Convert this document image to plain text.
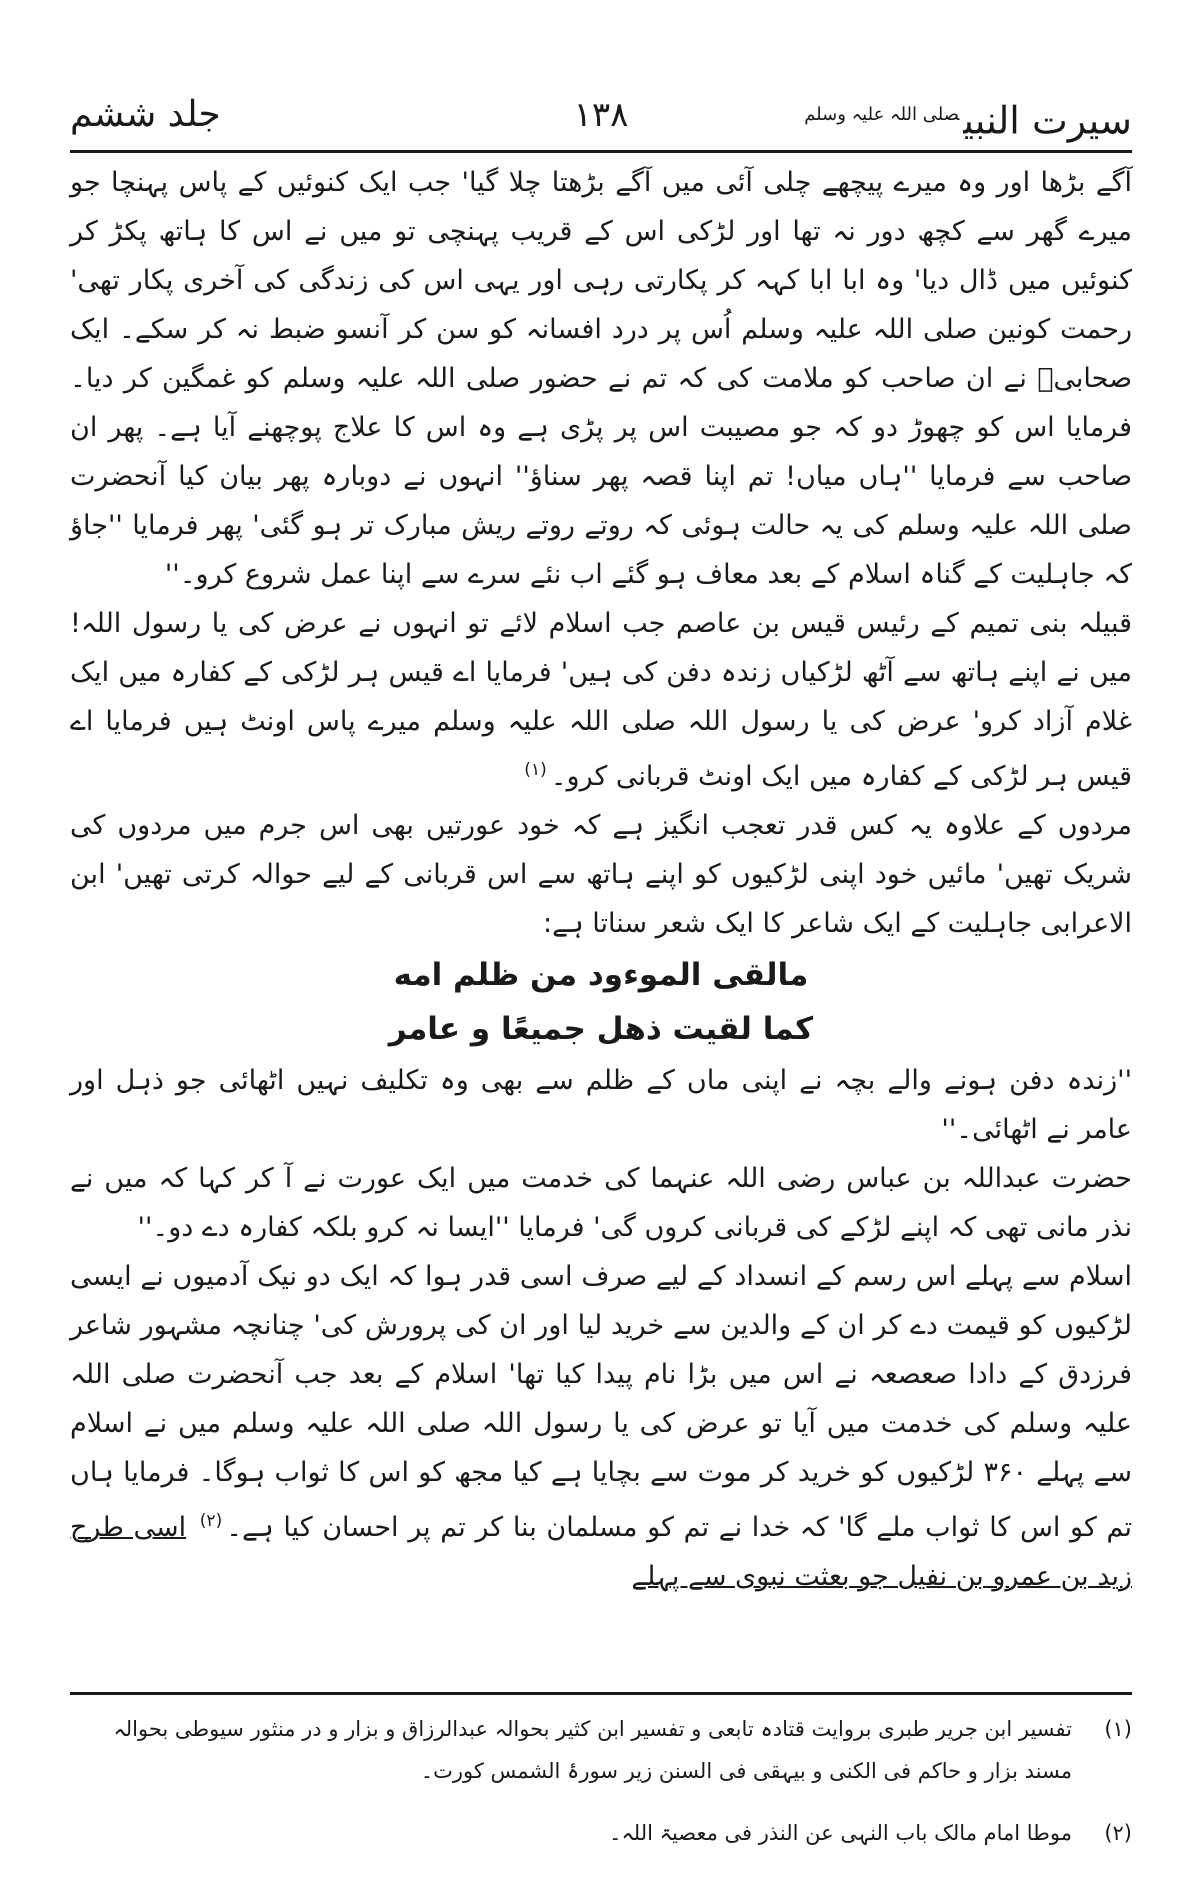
سیرت النبی$^{صلی اللہ علیہ وسلم}$
۱۳۸
جلد ششم

آگے بڑھا اور وہ میرے پیچھے چلی آئی میں آگے بڑھتا چلا گیا' جب ایک کنوئیں کے پاس پہنچا جو میرے گھر سے کچھ دور نہ تھا اور لڑکی اس کے قریب پہنچی تو میں نے اس کا ہاتھ پکڑ کر کنوئیں میں ڈال دیا' وہ ابا ابا کہہ کر پکارتی رہی اور یہی اس کی زندگی کی آخری پکار تھی' رحمت کونین صلی اللہ علیہ وسلم اُس پر درد افسانہ کو سن کر آنسو ضبط نہ کر سکے۔ ایک صحابیؓ نے ان صاحب کو ملامت کی کہ تم نے حضور صلی اللہ علیہ وسلم کو غمگین کر دیا۔ فرمایا اس کو چھوڑ دو کہ جو مصیبت اس پر پڑی ہے وہ اس کا علاج پوچھنے آیا ہے۔ پھر ان صاحب سے فرمایا ''ہاں میاں! تم اپنا قصہ پھر سناؤ'' انہوں نے دوبارہ پھر بیان کیا آنحضرت صلی اللہ علیہ وسلم کی یہ حالت ہوئی کہ روتے روتے ریش مبارک تر ہو گئی' پھر فرمایا ''جاؤ کہ جاہلیت کے گناہ اسلام کے بعد معاف ہو گئے اب نئے سرے سے اپنا عمل شروع کرو۔''

قبیلہ بنی تمیم کے رئیس قیس بن عاصم جب اسلام لائے تو انہوں نے عرض کی یا رسول اللہ! میں نے اپنے ہاتھ سے آٹھ لڑکیاں زندہ دفن کی ہیں' فرمایا اے قیس ہر لڑکی کے کفارہ میں ایک غلام آزاد کرو' عرض کی یا رسول اللہ صلی اللہ علیہ وسلم میرے پاس اونٹ ہیں فرمایا اے قیس ہر لڑکی کے کفارہ میں ایک اونٹ قربانی کرو۔$^{(۱)}$

مردوں کے علاوہ یہ کس قدر تعجب انگیز ہے کہ خود عورتیں بھی اس جرم میں مردوں کی شریک تھیں' مائیں خود اپنی لڑکیوں کو اپنے ہاتھ سے اس قربانی کے لیے حوالہ کرتی تھیں' ابن الاعرابی جاہلیت کے ایک شاعر کا ایک شعر سناتا ہے:

مالقی الموءود من ظلم امه
كما لقيت ذهل جميعًا و عامر

''زندہ دفن ہونے والے بچہ نے اپنی ماں کے ظلم سے بھی وہ تکلیف نہیں اٹھائی جو ذہل اور عامر نے اٹھائی۔''

حضرت عبداللہ بن عباس رضی اللہ عنہما کی خدمت میں ایک عورت نے آ کر کہا کہ میں نے نذر مانی تھی کہ اپنے لڑکے کی قربانی کروں گی' فرمایا ''ایسا نہ کرو بلکہ کفارہ دے دو۔''

اسلام سے پہلے اس رسم کے انسداد کے لیے صرف اسی قدر ہوا کہ ایک دو نیک آدمیوں نے ایسی لڑکیوں کو قیمت دے کر ان کے والدین سے خرید لیا اور ان کی پرورش کی' چنانچہ مشہور شاعر فرزدق کے دادا صعصعہ نے اس میں بڑا نام پیدا کیا تھا' اسلام کے بعد جب آنحضرت صلی اللہ علیہ وسلم کی خدمت میں آیا تو عرض کی یا رسول اللہ صلی اللہ علیہ وسلم میں نے اسلام سے پہلے ۳۶۰ لڑکیوں کو خرید کر موت سے بچایا ہے کیا مجھ کو اس کا ثواب ہوگا۔ فرمایا ہاں تم کو اس کا ثواب ملے گا' کہ خدا نے تم کو مسلمان بنا کر تم پر احسان کیا ہے۔$^{(۲)}$ اسی طرح زید بن عمرو بن نفیل جو بعثت نبوی سے پہلے

(۱)
تفسیر ابن جریر طبری بروایت قتادہ تابعی و تفسیر ابن کثیر بحوالہ عبدالرزاق و بزار و در منثور سیوطی بحوالہ مسند بزار و حاکم فی الکنی و بیہقی فی السنن زیر سورۂ الشمس کورت۔
(۲)
موطا امام مالک باب النہی عن النذر فی معصیۃ اللہ۔
